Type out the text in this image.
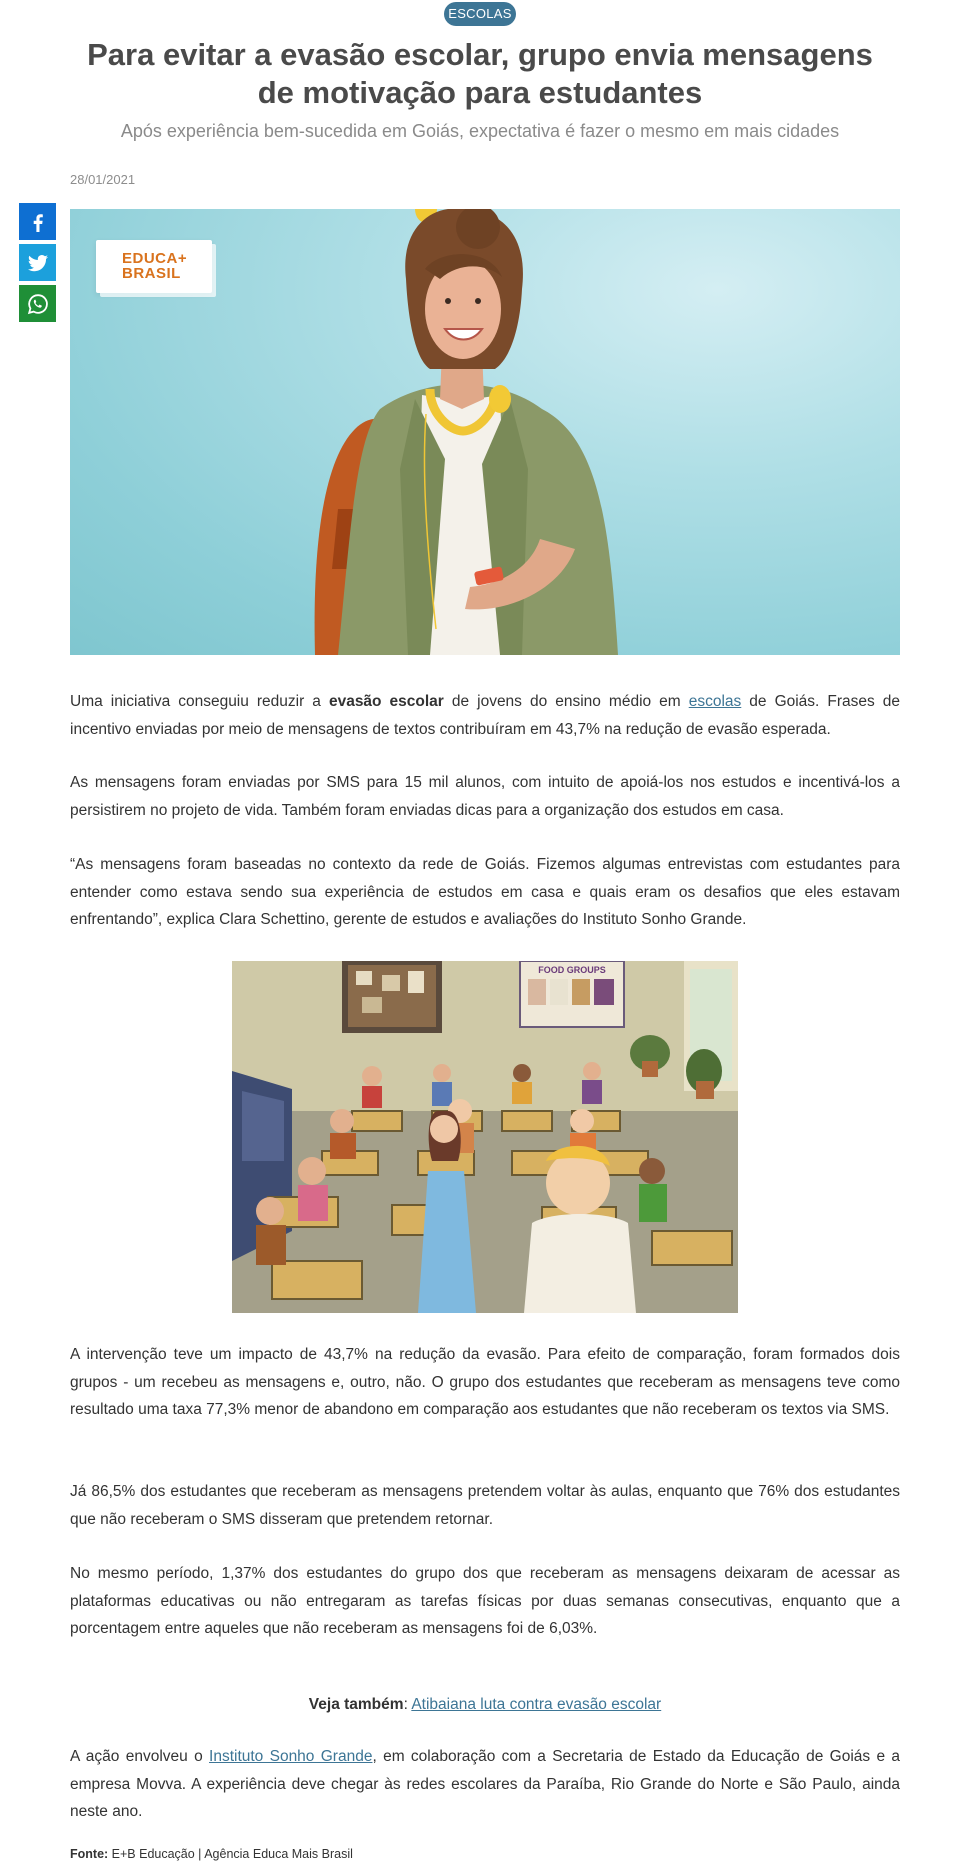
ESCOLAS
Para evitar a evasão escolar, grupo envia mensagens de motivação para estudantes

Após experiência bem-sucedida em Goiás, expectativa é fazer o mesmo em mais cidades

28/01/2021
EDUCA+
BRASIL

Uma iniciativa conseguiu reduzir a evasão escolar de jovens do ensino médio em escolas de Goiás. Frases de incentivo enviadas por meio de mensagens de textos contribuíram em 43,7% na redução de evasão esperada.

As mensagens foram enviadas por SMS para 15 mil alunos, com intuito de apoiá-los nos estudos e incentivá-los a persistirem no projeto de vida. Também foram enviadas dicas para a organização dos estudos em casa.

“As mensagens foram baseadas no contexto da rede de Goiás. Fizemos algumas entrevistas com estudantes para entender como estava sendo sua experiência de estudos em casa e quais eram os desafios que eles estavam enfrentando”, explica Clara Schettino, gerente de estudos e avaliações do Instituto Sonho Grande.

FOOD GROUPS

A intervenção teve um impacto de 43,7% na redução da evasão. Para efeito de comparação, foram formados dois grupos - um recebeu as mensagens e, outro, não. O grupo dos estudantes que receberam as mensagens teve como resultado uma taxa 77,3% menor de abandono em comparação aos estudantes que não receberam os textos via SMS.

Já 86,5% dos estudantes que receberam as mensagens pretendem voltar às aulas, enquanto que 76% dos estudantes que não receberam o SMS disseram que pretendem retornar.

No mesmo período, 1,37% dos estudantes do grupo dos que receberam as mensagens deixaram de acessar as plataformas educativas ou não entregaram as tarefas físicas por duas semanas consecutivas, enquanto que a porcentagem entre aqueles que não receberam as mensagens foi de 6,03%.

Veja também: Atibaiana luta contra evasão escolar

A ação envolveu o Instituto Sonho Grande, em colaboração com a Secretaria de Estado da Educação de Goiás e a empresa Movva. A experiência deve chegar às redes escolares da Paraíba, Rio Grande do Norte e São Paulo, ainda neste ano.

Fonte: E+B Educação | Agência Educa Mais Brasil
